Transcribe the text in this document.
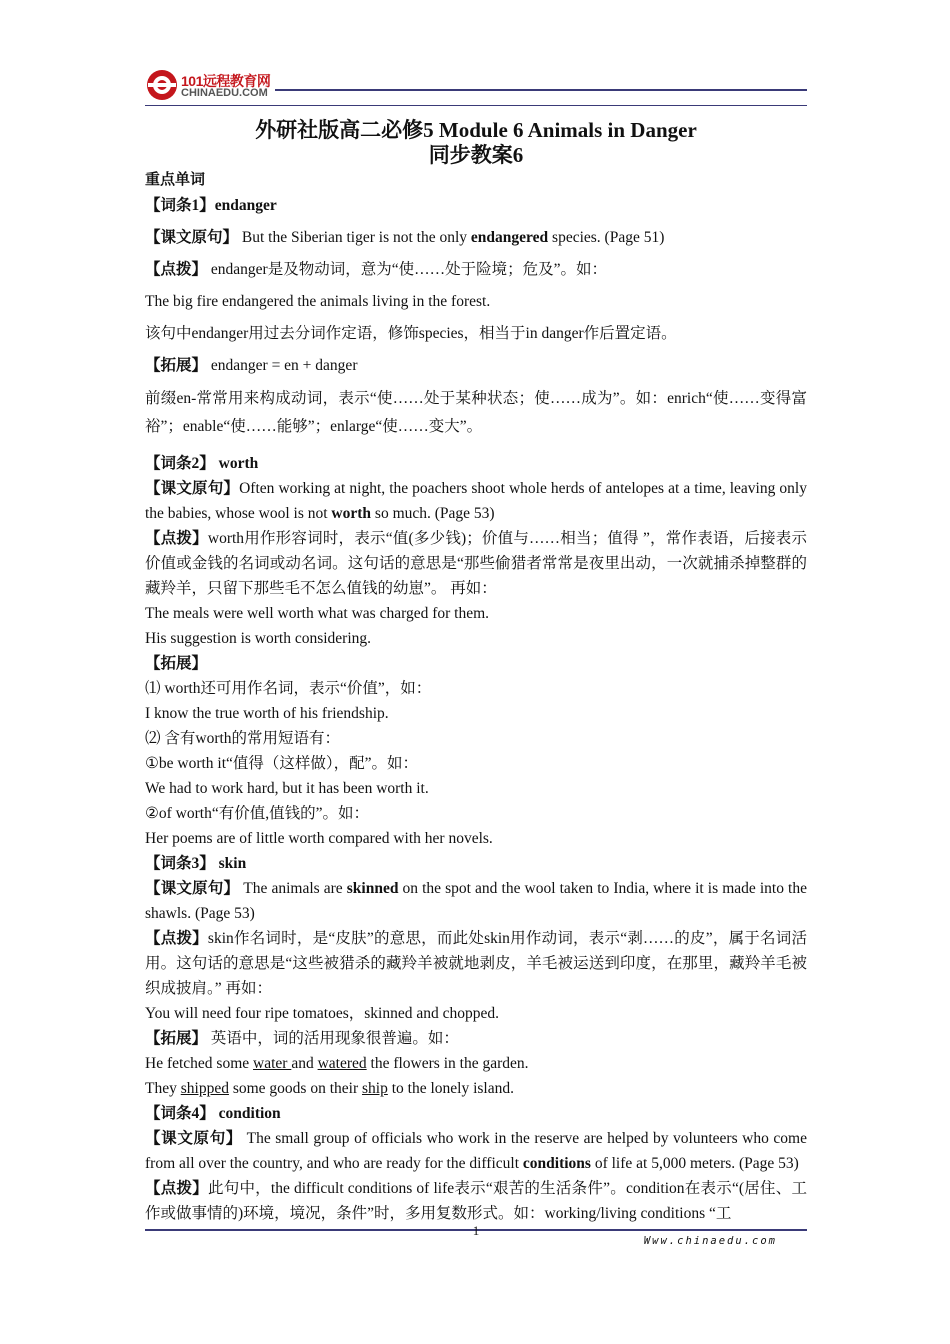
101远程教育网
CHINAEDU.COM
外研社版高二必修5 Module 6 Animals in Danger
同步教案6

重点单词

【词条1】endanger

【课文原句】 But the Siberian tiger is not the only endangered species. (Page 51)

【点拨】 endanger是及物动词，意为“使……处于险境；危及”。如：

The big fire endangered the animals living in the forest.

该句中endanger用过去分词作定语，修饰species，相当于in danger作后置定语。

【拓展】 endanger = en + danger

前缀en-常常用来构成动词，表示“使……处于某种状态；使……成为”。如：enrich“使……变得富裕”；enable“使……能够”；enlarge“使……变大”。

【词条2】 worth

【课文原句】Often working at night, the poachers shoot whole herds of antelopes at a time, leaving only the babies, whose wool is not worth so much. (Page 53)

【点拨】worth用作形容词时，表示“值(多少钱)；价值与……相当；值得 ”，常作表语，后接表示价值或金钱的名词或动名词。这句话的意思是“那些偷猎者常常是夜里出动，一次就捕杀掉整群的藏羚羊，只留下那些毛不怎么值钱的幼崽”。 再如：

The meals were well worth what was charged for them.

His suggestion is worth considering.

【拓展】

⑴ worth还可用作名词，表示“价值”，如：

I know the true worth of his friendship.

⑵ 含有worth的常用短语有：

①be worth it“值得（这样做），配”。如：

We had to work hard, but it has been worth it.

②of worth“有价值,值钱的”。如：

Her poems are of little worth compared with her novels.

【词条3】 skin

【课文原句】 The animals are skinned on the spot and the wool taken to India, where it is made into the shawls. (Page 53)

【点拨】skin作名词时，是“皮肤”的意思，而此处skin用作动词，表示“剥……的皮”，属于名词活用。这句话的意思是“这些被猎杀的藏羚羊被就地剥皮，羊毛被运送到印度，在那里，藏羚羊毛被织成披肩。” 再如：

You will need four ripe tomatoes，skinned and chopped.

【拓展】 英语中，词的活用现象很普遍。如：

He fetched some water and watered the flowers in the garden.

They shipped some goods on their ship to the lonely island.

【词条4】 condition

【课文原句】 The small group of officials who work in the reserve are helped by volunteers who come from all over the country, and who are ready for the difficult conditions of life at 5,000 meters. (Page 53)

【点拨】此句中，the difficult conditions of life表示“艰苦的生活条件”。condition在表示“(居住、工作或做事情的)环境，境况，条件”时，多用复数形式。如：working/living conditions “工

1
Www.chinaedu.com
